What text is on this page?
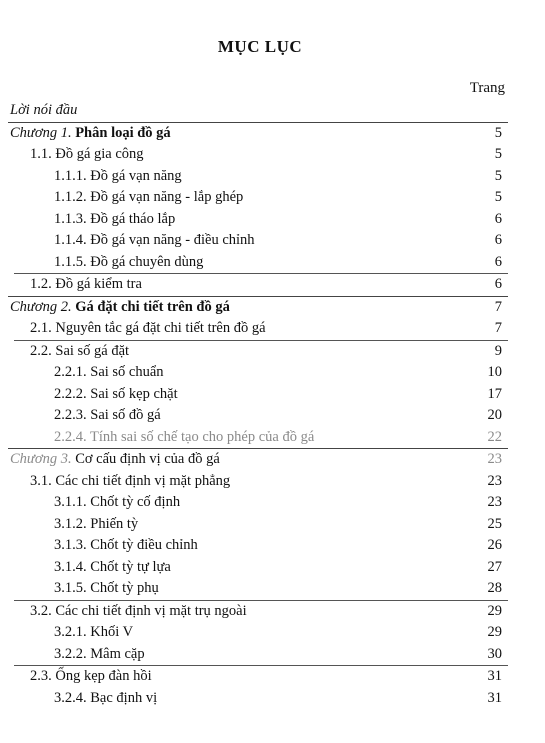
MỤC LỤC
Trang
Lời nói đầu
Chương 1. Phân loại đồ gá	5
1.1. Đồ gá gia công	5
1.1.1. Đồ gá vạn năng	5
1.1.2. Đồ gá vạn năng - lắp ghép	5
1.1.3. Đồ gá tháo lắp	6
1.1.4. Đồ gá vạn năng - điều chỉnh	6
1.1.5. Đồ gá chuyên dùng	6
1.2. Đồ gá kiểm tra	6
Chương 2. Gá đặt chi tiết trên đồ gá	7
2.1. Nguyên tắc gá đặt chi tiết trên đồ gá	7
2.2. Sai số gá đặt	9
2.2.1. Sai số chuẩn	10
2.2.2. Sai số kẹp chặt	17
2.2.3. Sai số đồ gá	20
2.2.4. Tính sai số chế tạo cho phép của đồ gá	22
Chương 3. Cơ cấu định vị của đồ gá	23
3.1. Các chi tiết định vị mặt phẳng	23
3.1.1. Chốt tỳ cố định	23
3.1.2. Phiến tỳ	25
3.1.3. Chốt tỳ điều chỉnh	26
3.1.4. Chốt tỳ tự lựa	27
3.1.5. Chốt tỳ phụ	28
3.2. Các chi tiết định vị mặt trụ ngoài	29
3.2.1. Khối V	29
3.2.2. Mâm cặp	30
2.3. Ống kẹp đàn hồi	31
3.2.4. Bạc định vị	31
